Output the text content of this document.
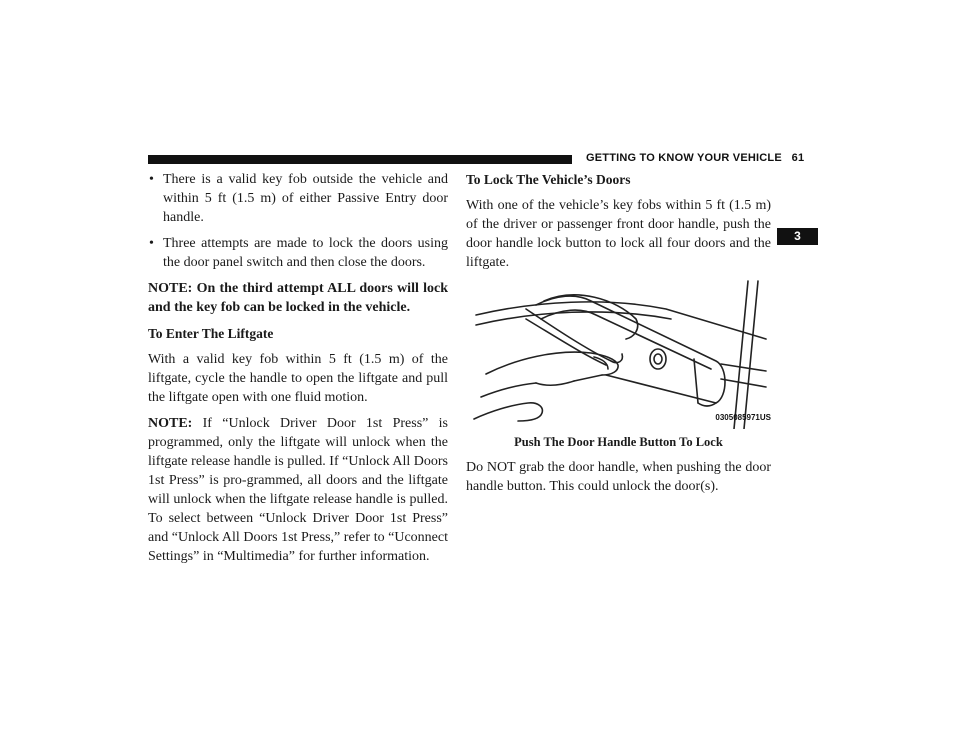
GETTING TO KNOW YOUR VEHICLE 61
3
• There is a valid key fob outside the vehicle and within 5 ft (1.5 m) of either Passive Entry door handle.
• Three attempts are made to lock the doors using the door panel switch and then close the doors.

NOTE: On the third attempt ALL doors will lock and the key fob can be locked in the vehicle.

To Enter The Liftgate

With a valid key fob within 5 ft (1.5 m) of the liftgate, cycle the handle to open the liftgate and pull the liftgate open with one fluid motion.

NOTE: If “Unlock Driver Door 1st Press” is programmed, only the liftgate will unlock when the liftgate release handle is pulled. If “Unlock All Doors 1st Press” is pro-grammed, all doors and the liftgate will unlock when the liftgate release handle is pulled. To select between “Unlock Driver Door 1st Press” and “Unlock All Doors 1st Press,” refer to “Uconnect Settings” in “Multimedia” for further information.

To Lock The Vehicle’s Doors

With one of the vehicle’s key fobs within 5 ft (1.5 m) of the driver or passenger front door handle, push the door handle lock button to lock all four doors and the liftgate.

0305085971US

Push The Door Handle Button To Lock

Do NOT grab the door handle, when pushing the door handle button. This could unlock the door(s).
